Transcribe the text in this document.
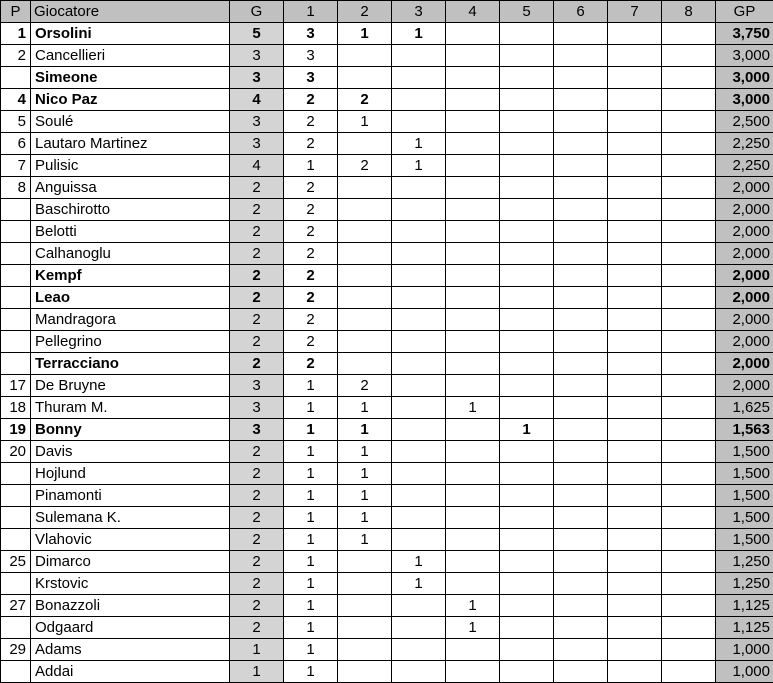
P	Giocatore	G	1	2	3	4	5	6	7	8	GP
1	Orsolini	5	3	1	1						3,750
2	Cancellieri	3	3								3,000
	Simeone	3	3								3,000
4	Nico Paz	4	2	2							3,000
5	Soulé	3	2	1							2,500
6	Lautaro Martinez	3	2		1						2,250
7	Pulisic	4	1	2	1						2,250
8	Anguissa	2	2								2,000
	Baschirotto	2	2								2,000
	Belotti	2	2								2,000
	Calhanoglu	2	2								2,000
	Kempf	2	2								2,000
	Leao	2	2								2,000
	Mandragora	2	2								2,000
	Pellegrino	2	2								2,000
	Terracciano	2	2								2,000
17	De Bruyne	3	1	2							2,000
18	Thuram M.	3	1	1		1					1,625
19	Bonny	3	1	1			1				1,563
20	Davis	2	1	1							1,500
	Hojlund	2	1	1							1,500
	Pinamonti	2	1	1							1,500
	Sulemana K.	2	1	1							1,500
	Vlahovic	2	1	1							1,500
25	Dimarco	2	1		1						1,250
	Krstovic	2	1		1						1,250
27	Bonazzoli	2	1			1					1,125
	Odgaard	2	1			1					1,125
29	Adams	1	1								1,000
	Addai	1	1								1,000
